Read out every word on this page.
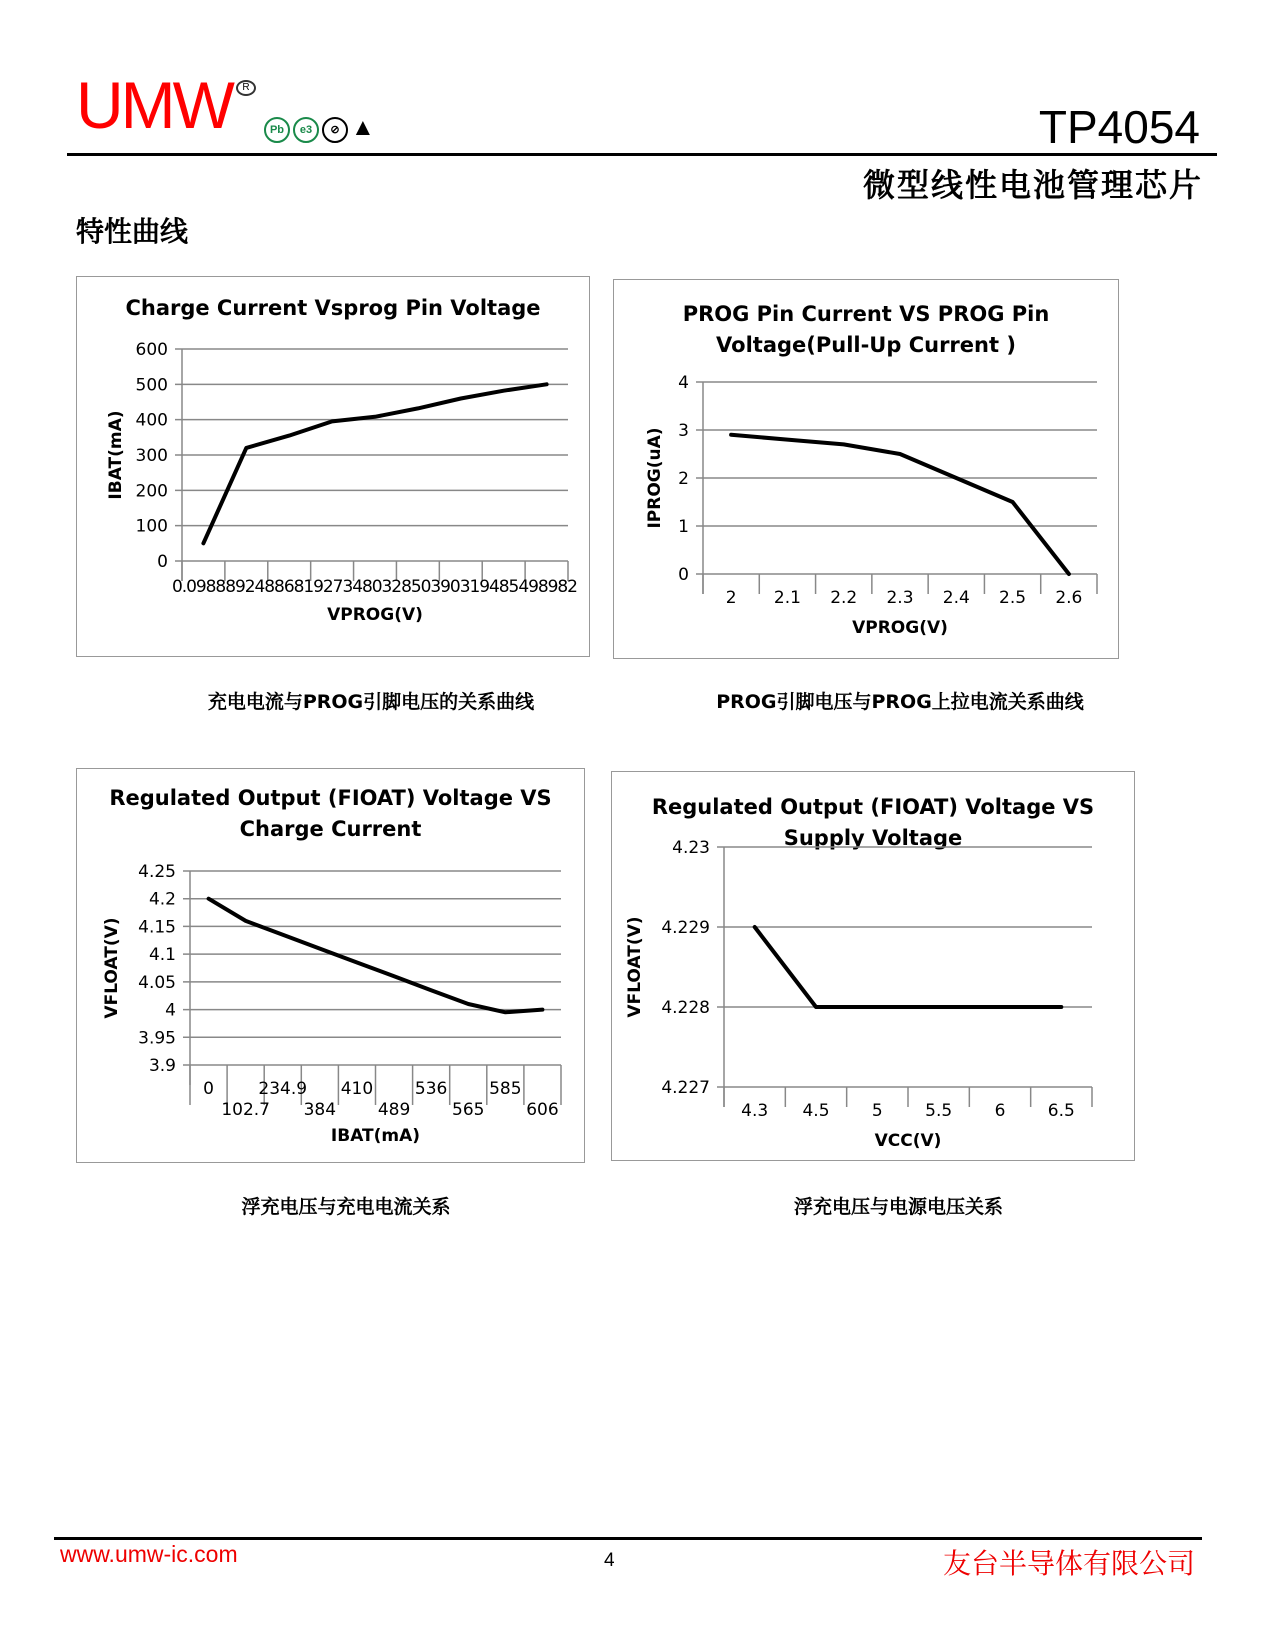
UMW	R
Pb	e3	⊘ ▲	TP4054
微型线性电池管理芯片
特性曲线
Charge Current Vsprog Pin Voltage
0
100
200
300
400
500
600
0.0988892488681927348032850390319485498982
VPROG(V)
IBAT(mA)
PROG Pin Current VS PROG Pin
Voltage(Pull-Up Current )
0
1
2
3
4
2 2.1 2.2 2.3 2.4 2.5 2.6
VPROG(V)
IPROG(uA)
Regulated Output (FIOAT) Voltage VS
Charge Current
3.9
3.95
4
4.05
4.1
4.15
4.2
4.25
0
102.7
234.9
384
410
489
536
565
585
606
IBAT(mA)
VFLOAT(V)
Regulated Output (FIOAT) Voltage VS
Supply Voltage
4.227
4.228
4.229
4.23
4.3 4.5 5 5.5 6 6.5
VCC(V)
VFLOAT(V)
充电电流与PROG引脚电压的关系曲线	PROG引脚电压与PROG上拉电流关系曲线
浮充电压与充电电流关系	浮充电压与电源电压关系
www.umw-ic.com	4	友台半导体有限公司
